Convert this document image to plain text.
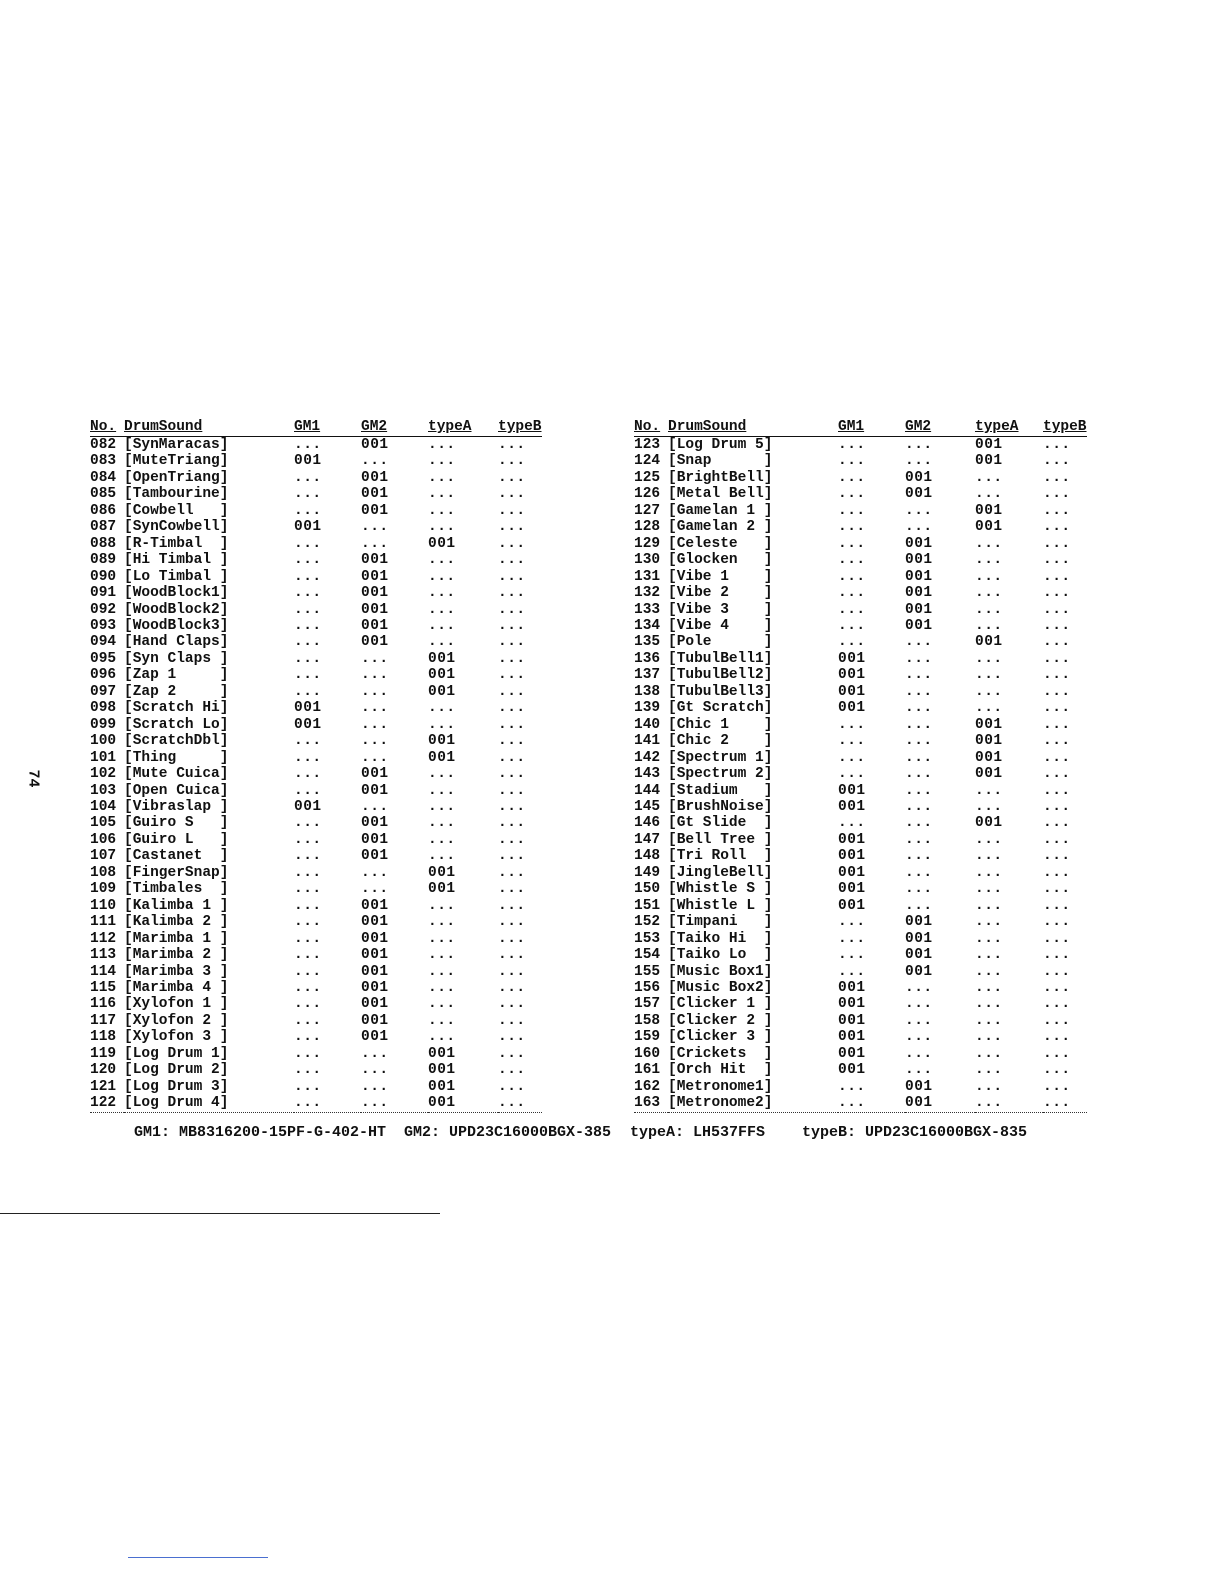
74
No.	DrumSound	GM1	GM2	typeA	typeB
082	[SynMaracas]	...	001	...	...
083	[MuteTriang]	001	...	...	...
084	[OpenTriang]	...	001	...	...
085	[Tambourine]	...	001	...	...
086	[Cowbell   ]	...	001	...	...
087	[SynCowbell]	001	...	...	...
088	[R-Timbal  ]	...	...	001	...
089	[Hi Timbal ]	...	001	...	...
090	[Lo Timbal ]	...	001	...	...
091	[WoodBlock1]	...	001	...	...
092	[WoodBlock2]	...	001	...	...
093	[WoodBlock3]	...	001	...	...
094	[Hand Claps]	...	001	...	...
095	[Syn Claps ]	...	...	001	...
096	[Zap 1     ]	...	...	001	...
097	[Zap 2     ]	...	...	001	...
098	[Scratch Hi]	001	...	...	...
099	[Scratch Lo]	001	...	...	...
100	[ScratchDbl]	...	...	001	...
101	[Thing     ]	...	...	001	...
102	[Mute Cuica]	...	001	...	...
103	[Open Cuica]	...	001	...	...
104	[Vibraslap ]	001	...	...	...
105	[Guiro S   ]	...	001	...	...
106	[Guiro L   ]	...	001	...	...
107	[Castanet  ]	...	001	...	...
108	[FingerSnap]	...	...	001	...
109	[Timbales  ]	...	...	001	...
110	[Kalimba 1 ]	...	001	...	...
111	[Kalimba 2 ]	...	001	...	...
112	[Marimba 1 ]	...	001	...	...
113	[Marimba 2 ]	...	001	...	...
114	[Marimba 3 ]	...	001	...	...
115	[Marimba 4 ]	...	001	...	...
116	[Xylofon 1 ]	...	001	...	...
117	[Xylofon 2 ]	...	001	...	...
118	[Xylofon 3 ]	...	001	...	...
119	[Log Drum 1]	...	...	001	...
120	[Log Drum 2]	...	...	001	...
121	[Log Drum 3]	...	...	001	...
122	[Log Drum 4]	...	...	001	...
No.	DrumSound	GM1	GM2	typeA	typeB
123	[Log Drum 5]	...	...	001	...
124	[Snap      ]	...	...	001	...
125	[BrightBell]	...	001	...	...
126	[Metal Bell]	...	001	...	...
127	[Gamelan 1 ]	...	...	001	...
128	[Gamelan 2 ]	...	...	001	...
129	[Celeste   ]	...	001	...	...
130	[Glocken   ]	...	001	...	...
131	[Vibe 1    ]	...	001	...	...
132	[Vibe 2    ]	...	001	...	...
133	[Vibe 3    ]	...	001	...	...
134	[Vibe 4    ]	...	001	...	...
135	[Pole      ]	...	...	001	...
136	[TubulBell1]	001	...	...	...
137	[TubulBell2]	001	...	...	...
138	[TubulBell3]	001	...	...	...
139	[Gt Scratch]	001	...	...	...
140	[Chic 1    ]	...	...	001	...
141	[Chic 2    ]	...	...	001	...
142	[Spectrum 1]	...	...	001	...
143	[Spectrum 2]	...	...	001	...
144	[Stadium   ]	001	...	...	...
145	[BrushNoise]	001	...	...	...
146	[Gt Slide  ]	...	...	001	...
147	[Bell Tree ]	001	...	...	...
148	[Tri Roll  ]	001	...	...	...
149	[JingleBell]	001	...	...	...
150	[Whistle S ]	001	...	...	...
151	[Whistle L ]	001	...	...	...
152	[Timpani   ]	...	001	...	...
153	[Taiko Hi  ]	...	001	...	...
154	[Taiko Lo  ]	...	001	...	...
155	[Music Box1]	...	001	...	...
156	[Music Box2]	001	...	...	...
157	[Clicker 1 ]	001	...	...	...
158	[Clicker 2 ]	001	...	...	...
159	[Clicker 3 ]	001	...	...	...
160	[Crickets  ]	001	...	...	...
161	[Orch Hit  ]	001	...	...	...
162	[Metronome1]	...	001	...	...
163	[Metronome2]	...	001	...	...
GM1: MB8316200-15PF-G-402-HT GM2: UPD23C16000BGX-385 typeA: LH537FFS typeB: UPD23C16000BGX-835
